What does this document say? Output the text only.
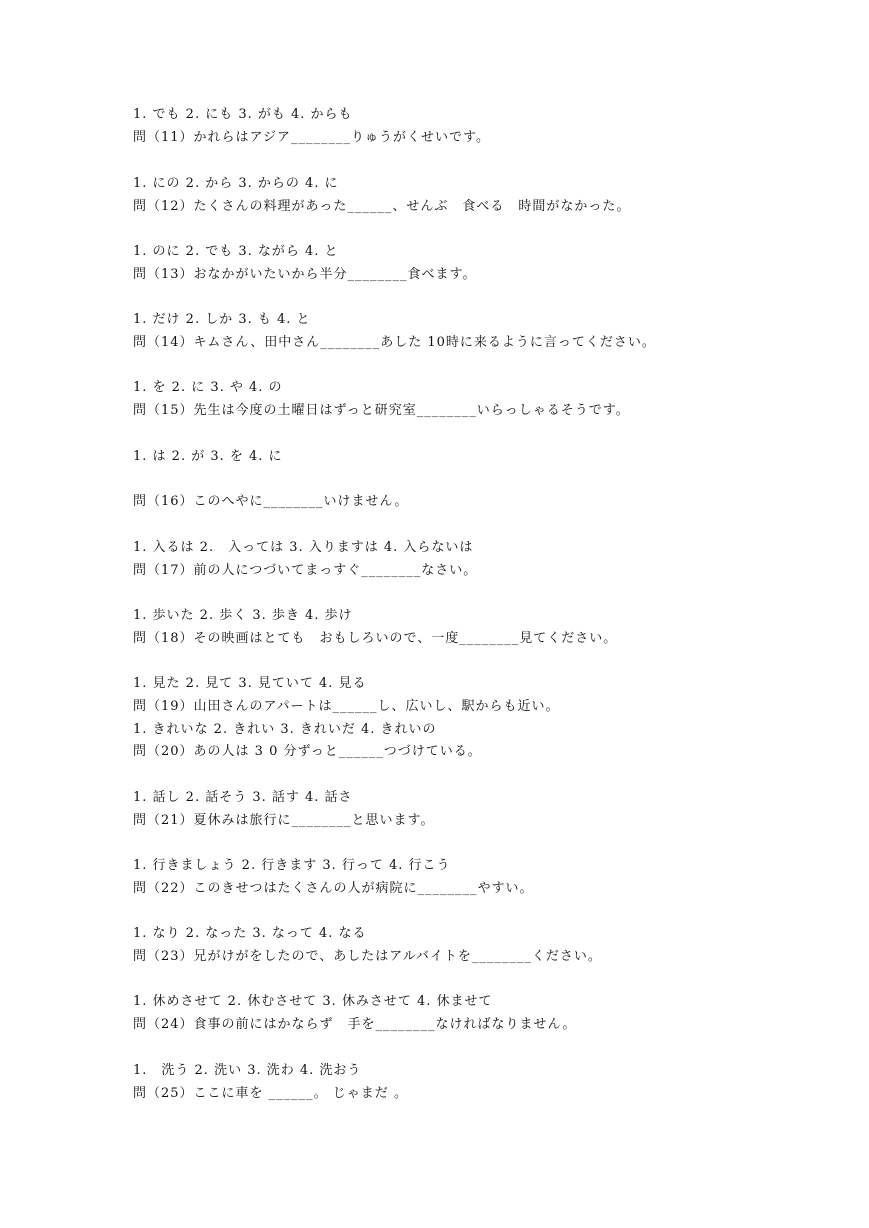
1. でも 2. にも 3. がも 4. からも

問（11）かれらはアジア________りゅうがくせいです。

1. にの 2. から 3. からの 4. に

問（12）たくさんの料理があった______、せんぶ　食べる　時間がなかった。

1. のに 2. でも 3. ながら 4. と

問（13）おなかがいたいから半分________食べます。

1. だけ 2. しか 3. も 4. と

問（14）キムさん、田中さん________あした 10時に来るように言ってください。

1. を 2. に 3. や 4. の

問（15）先生は今度の土曜日はずっと研究室________いらっしゃるそうです。

1. は 2. が 3. を 4. に

問（16）このへやに________いけません。

1. 入るは 2.　入っては 3. 入りますは 4. 入らないは

問（17）前の人につづいてまっすぐ________なさい。

1. 歩いた 2. 歩く 3. 歩き 4. 歩け

問（18）その映画はとても　おもしろいので、一度________見てください。

1. 見た 2. 見て 3. 見ていて 4. 見る

問（19）山田さんのアパートは______し、広いし、駅からも近い。

1. きれいな 2. きれい 3. きれいだ 4. きれいの

問（20）あの人は 3 0 分ずっと______つづけている。

1. 話し 2. 話そう 3. 話す 4. 話さ

問（21）夏休みは旅行に________と思います。

1. 行きましょう 2. 行きます 3. 行って 4. 行こう

問（22）このきせつはたくさんの人が病院に________やすい。

1. なり 2. なった 3. なって 4. なる

問（23）兄がけがをしたので、あしたはアルバイトを________ください。

1. 休めさせて 2. 休むさせて 3. 休みさせて 4. 休ませて

問（24）食事の前にはかならず　手を________なければなりません。

1.　洗う 2. 洗い 3. 洗わ 4. 洗おう

問（25）ここに車を ______。 じゃまだ 。
